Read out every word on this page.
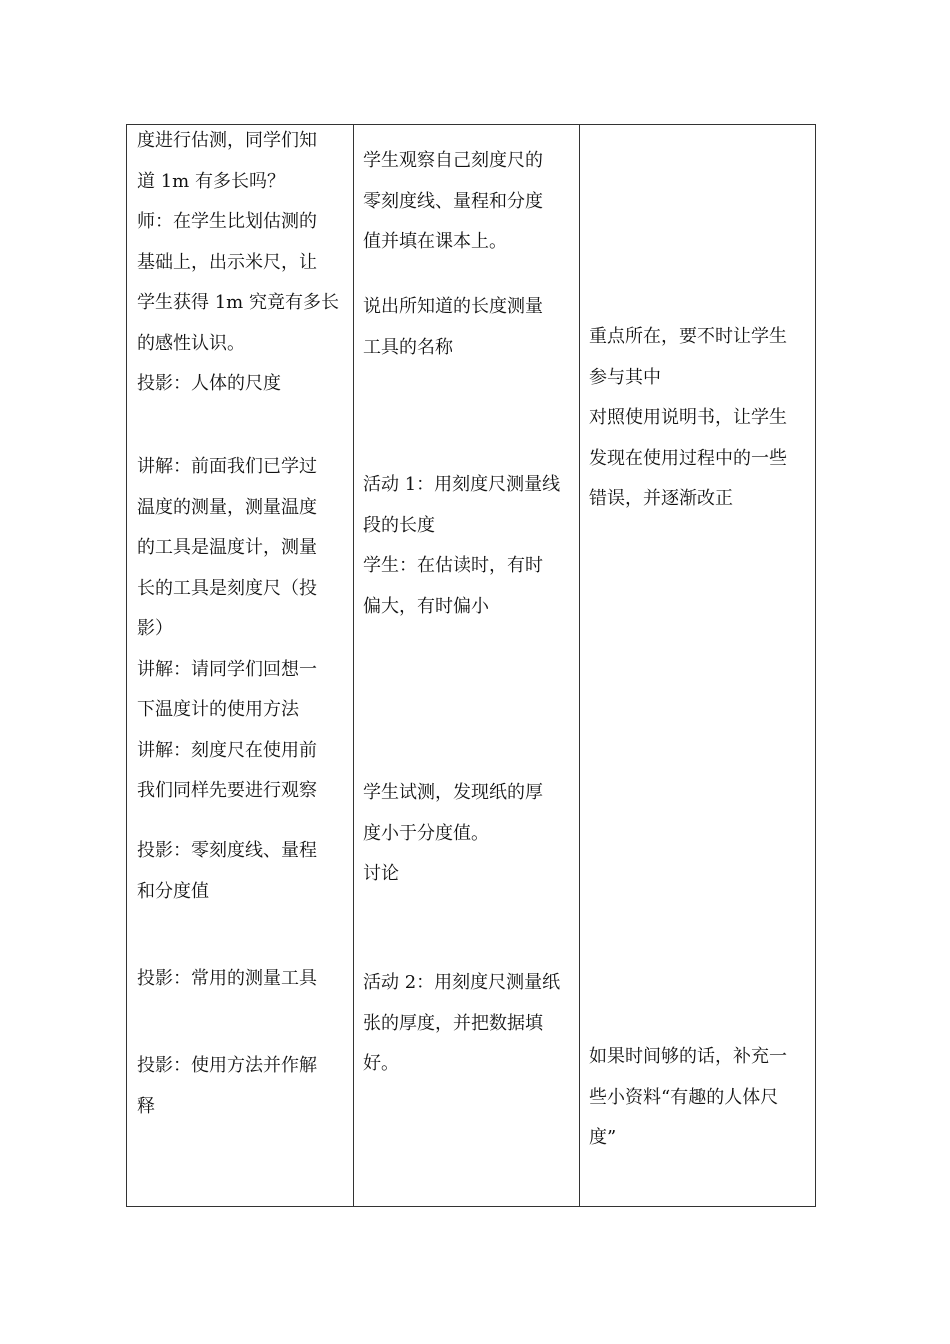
度进行估测，同学们知
道 1m 有多长吗？
师：在学生比划估测的
基础上，出示米尺，让
学生获得 1m 究竟有多长
的感性认识。
投影：人体的尺度
讲解：前面我们已学过
温度的测量，测量温度
的工具是温度计，测量
长的工具是刻度尺（投
影）
讲解：请同学们回想一
下温度计的使用方法
讲解：刻度尺在使用前
我们同样先要进行观察
投影：零刻度线、量程
和分度值
投影：常用的测量工具
投影：使用方法并作解
释
学生观察自己刻度尺的
零刻度线、量程和分度
值并填在课本上。
说出所知道的长度测量
工具的名称
活动 1：用刻度尺测量线
段的长度
学生：在估读时，有时
偏大，有时偏小
学生试测，发现纸的厚
度小于分度值。
讨论
活动 2：用刻度尺测量纸
张的厚度，并把数据填
好。
重点所在，要不时让学生
参与其中
对照使用说明书，让学生
发现在使用过程中的一些
错误，并逐渐改正
如果时间够的话，补充一
些小资料“有趣的人体尺
度”
